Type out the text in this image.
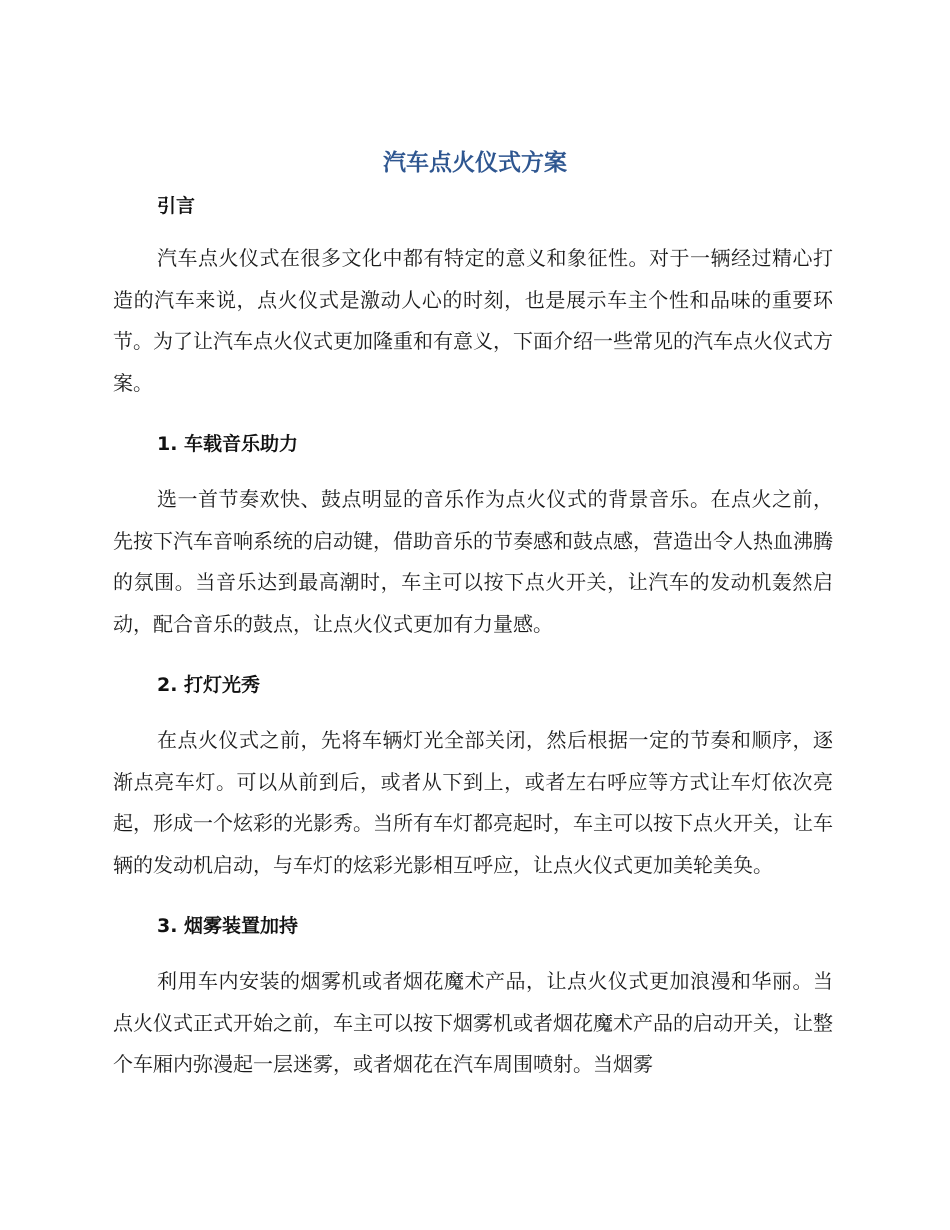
汽车点火仪式方案
引言

汽车点火仪式在很多文化中都有特定的意义和象征性。对于一辆经过精心打造的汽车来说，点火仪式是激动人心的时刻，也是展示车主个性和品味的重要环节。为了让汽车点火仪式更加隆重和有意义，下面介绍一些常见的汽车点火仪式方案。

1. 车载音乐助力

选一首节奏欢快、鼓点明显的音乐作为点火仪式的背景音乐。在点火之前，先按下汽车音响系统的启动键，借助音乐的节奏感和鼓点感，营造出令人热血沸腾的氛围。当音乐达到最高潮时，车主可以按下点火开关，让汽车的发动机轰然启动，配合音乐的鼓点，让点火仪式更加有力量感。

2. 打灯光秀

在点火仪式之前，先将车辆灯光全部关闭，然后根据一定的节奏和顺序，逐渐点亮车灯。可以从前到后，或者从下到上，或者左右呼应等方式让车灯依次亮起，形成一个炫彩的光影秀。当所有车灯都亮起时，车主可以按下点火开关，让车辆的发动机启动，与车灯的炫彩光影相互呼应，让点火仪式更加美轮美奂。

3. 烟雾装置加持

利用车内安装的烟雾机或者烟花魔术产品，让点火仪式更加浪漫和华丽。当点火仪式正式开始之前，车主可以按下烟雾机或者烟花魔术产品的启动开关，让整个车厢内弥漫起一层迷雾，或者烟花在汽车周围喷射。当烟雾
